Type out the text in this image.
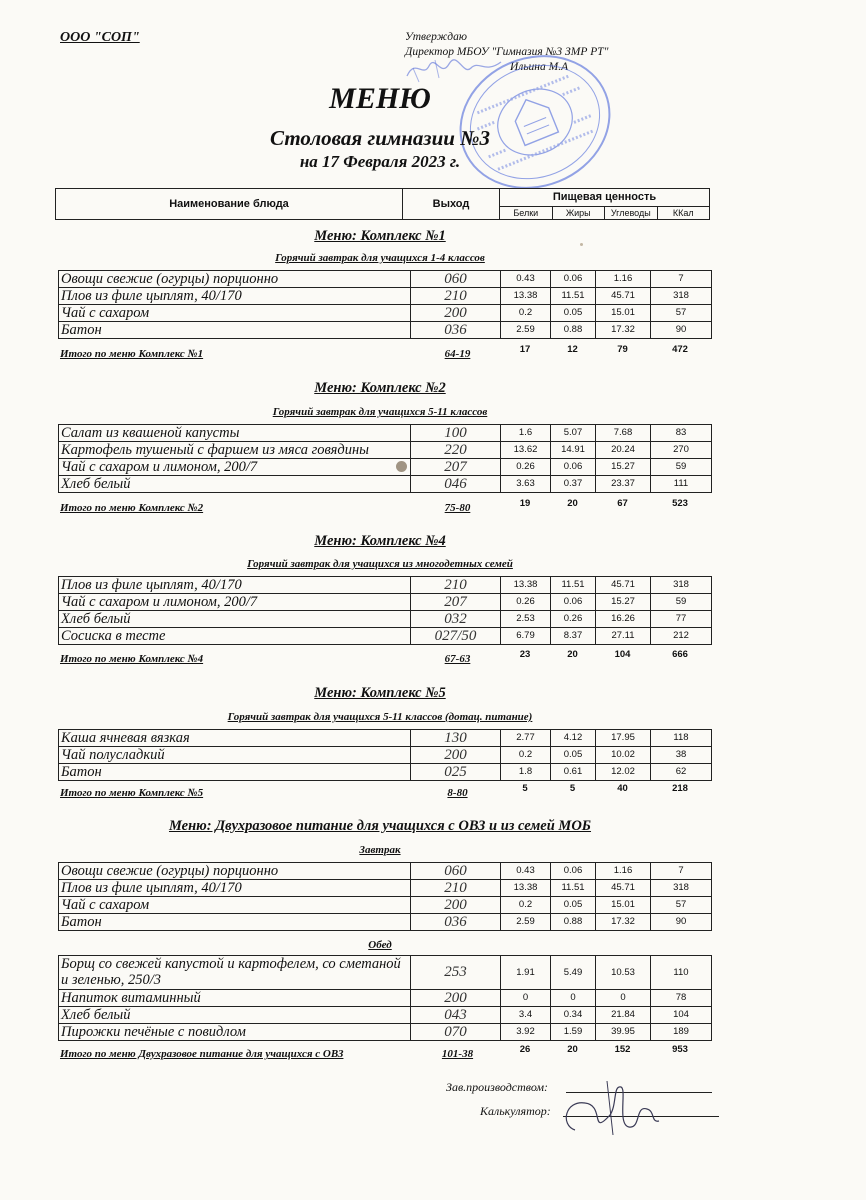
ООО "СОП"	Утверждаю
Директор МБОУ "Гимназия №3 ЗМР РТ"
Ильина М.А
МЕНЮ
Столовая гимназии №3
на 17 Февраля 2023 г.
Наименование блюда	Выход
Пищевая ценность
Белки	Жиры	Углеводы	ККал
Меню: Комплекс №1
Горячий завтрак для учащихся 1-4 классов
Овощи свежие (огурцы) порционно	060	0.43	0.06	1.16	7
Плов из филе цыплят, 40/170	210	13.38	11.51	45.71	318
Чай с сахаром	200	0.2	0.05	15.01	57
Батон	036	2.59	0.88	17.32	90
Итого по меню Комплекс №1	64-19	17	12	79	472
Меню: Комплекс №2
Горячий завтрак для учащихся 5-11 классов
Салат из квашеной капусты	100	1.6	5.07	7.68	83
Картофель тушеный с фаршем из мяса говядины	220	13.62	14.91	20.24	270
Чай с сахаром и лимоном, 200/7	207	0.26	0.06	15.27	59
Хлеб белый	046	3.63	0.37	23.37	111
Итого по меню Комплекс №2	75-80	19	20	67	523
Меню: Комплекс №4
Горячий завтрак для учащихся из многодетных семей
Плов из филе цыплят, 40/170	210	13.38	11.51	45.71	318
Чай с сахаром и лимоном, 200/7	207	0.26	0.06	15.27	59
Хлеб белый	032	2.53	0.26	16.26	77
Сосиска в тесте	027/50	6.79	8.37	27.11	212
Итого по меню Комплекс №4	67-63	23	20	104	666
Меню: Комплекс №5
Горячий завтрак для учащихся 5-11 классов (дотац. питание)
Каша ячневая вязкая	130	2.77	4.12	17.95	118
Чай полусладкий	200	0.2	0.05	10.02	38
Батон	025	1.8	0.61	12.02	62
Итого по меню Комплекс №5	8-80	5	5	40	218
Меню: Двухразовое питание для учащихся с ОВЗ и из семей МОБ
Завтрак
Овощи свежие (огурцы) порционно	060	0.43	0.06	1.16	7
Плов из филе цыплят, 40/170	210	13.38	11.51	45.71	318
Чай с сахаром	200	0.2	0.05	15.01	57
Батон	036	2.59	0.88	17.32	90
Обед
Борщ со свежей капустой и картофелем, со сметаной и зеленью, 250/3	253	1.91	5.49	10.53	110
Напиток витаминный	200	0	0	0	78
Хлеб белый	043	3.4	0.34	21.84	104
Пирожки печёные с повидлом	070	3.92	1.59	39.95	189
Итого по меню Двухразовое питание для учащихся с ОВЗ	101-38	26	20	152	953
Зав.производством:
Калькулятор:
